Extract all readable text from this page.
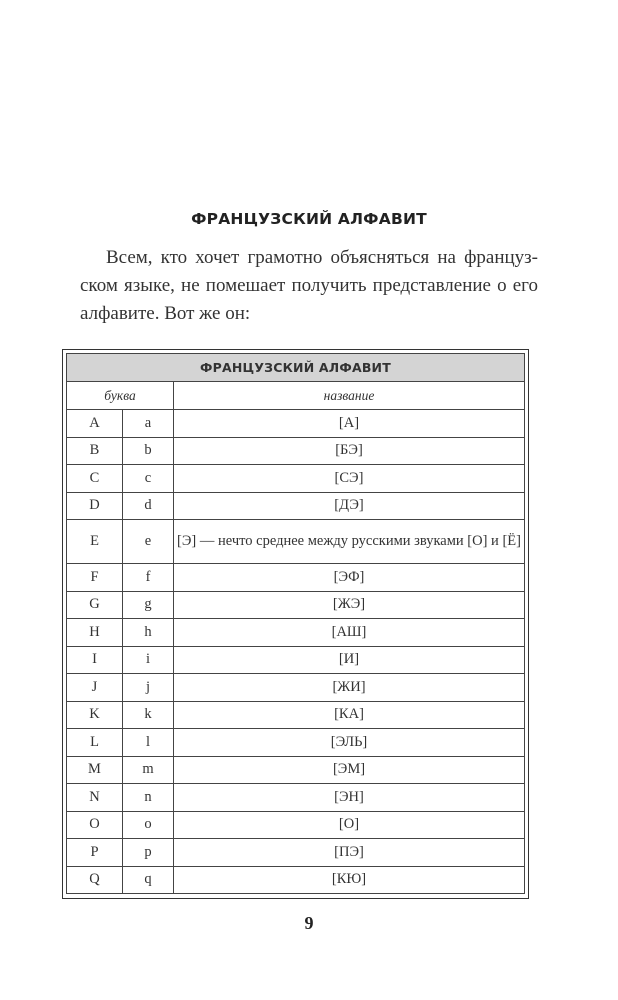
ФРАНЦУЗСКИЙ АЛФАВИТ
Всем, кто хочет грамотно объясняться на француз-
ском языке, не помешает получить представление о его
алфавите. Вот же он:
ФРАНЦУЗСКИЙ АЛФАВИТ		
буква		название
A	a	[А]
B	b	[БЭ]
C	c	[СЭ]
D	d	[ДЭ]
E	e	[Э] — нечто среднее между русскими звуками [О] и [Ё]
F	f	[ЭФ]
G	g	[ЖЭ]
H	h	[АШ]
I	i	[И]
J	j	[ЖИ]
K	k	[КА]
L	l	[ЭЛЬ]
M	m	[ЭМ]
N	n	[ЭН]
O	o	[О]
P	p	[ПЭ]
Q	q	[КЮ]
9
